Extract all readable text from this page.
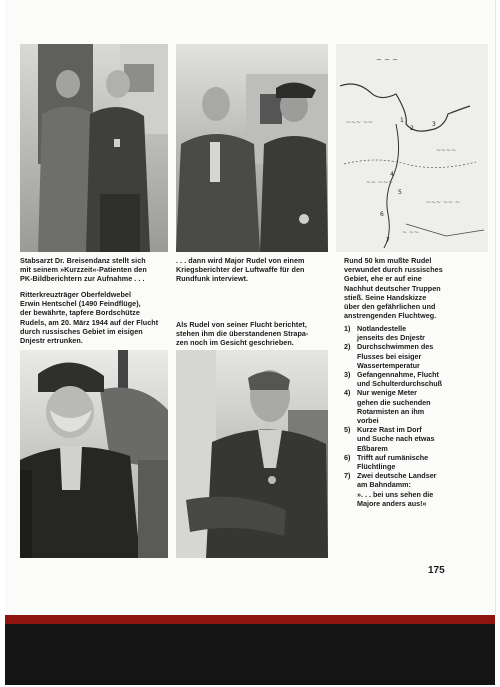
~ ~ ~
~~~ ~~
~~~~
~~ ~~~
~~~ ~~ ~
~ ~~
1
2
3
4
5
6
7
Stabsarzt Dr. Breisendanz stellt sich
mit seinem »Kurzzeit«-Patienten den
PK-Bildberichtern zur Aufnahme . . .
. . . dann wird Major Rudel von einem
Kriegsberichter der Luftwaffe für den
Rundfunk interviewt.
Rund 50 km mußte Rudel
verwundet durch russisches
Gebiet, ehe er auf eine
Nachhut deutscher Truppen
stieß. Seine Handskizze
über den gefährlichen und
anstrengenden Fluchtweg.
Ritterkreuzträger Oberfeldwebel
Erwin Hentschel (1490 Feindflüge),
der bewährte, tapfere Bordschütze
Rudels, am 20. März 1944 auf der Flucht
durch russisches Gebiet im eisigen
Dnjestr ertrunken.
Als Rudel von seiner Flucht berichtet,
stehen ihm die überstandenen Strapa-
zen noch im Gesicht geschrieben.
1) Notlandestelle
jenseits des Dnjestr
2) Durchschwimmen des
Flusses bei eisiger
Wassertemperatur
3) Gefangennahme, Flucht
und Schulterdurchschuß
4) Nur wenige Meter
gehen die suchenden
Rotarmisten an ihm
vorbei
5) Kurze Rast im Dorf
und Suche nach etwas
Eßbarem
6) Trifft auf rumänische
Flüchtlinge
7) Zwei deutsche Landser
am Bahndamm:
». . . bei uns sehen die
Majore anders aus!«
175
